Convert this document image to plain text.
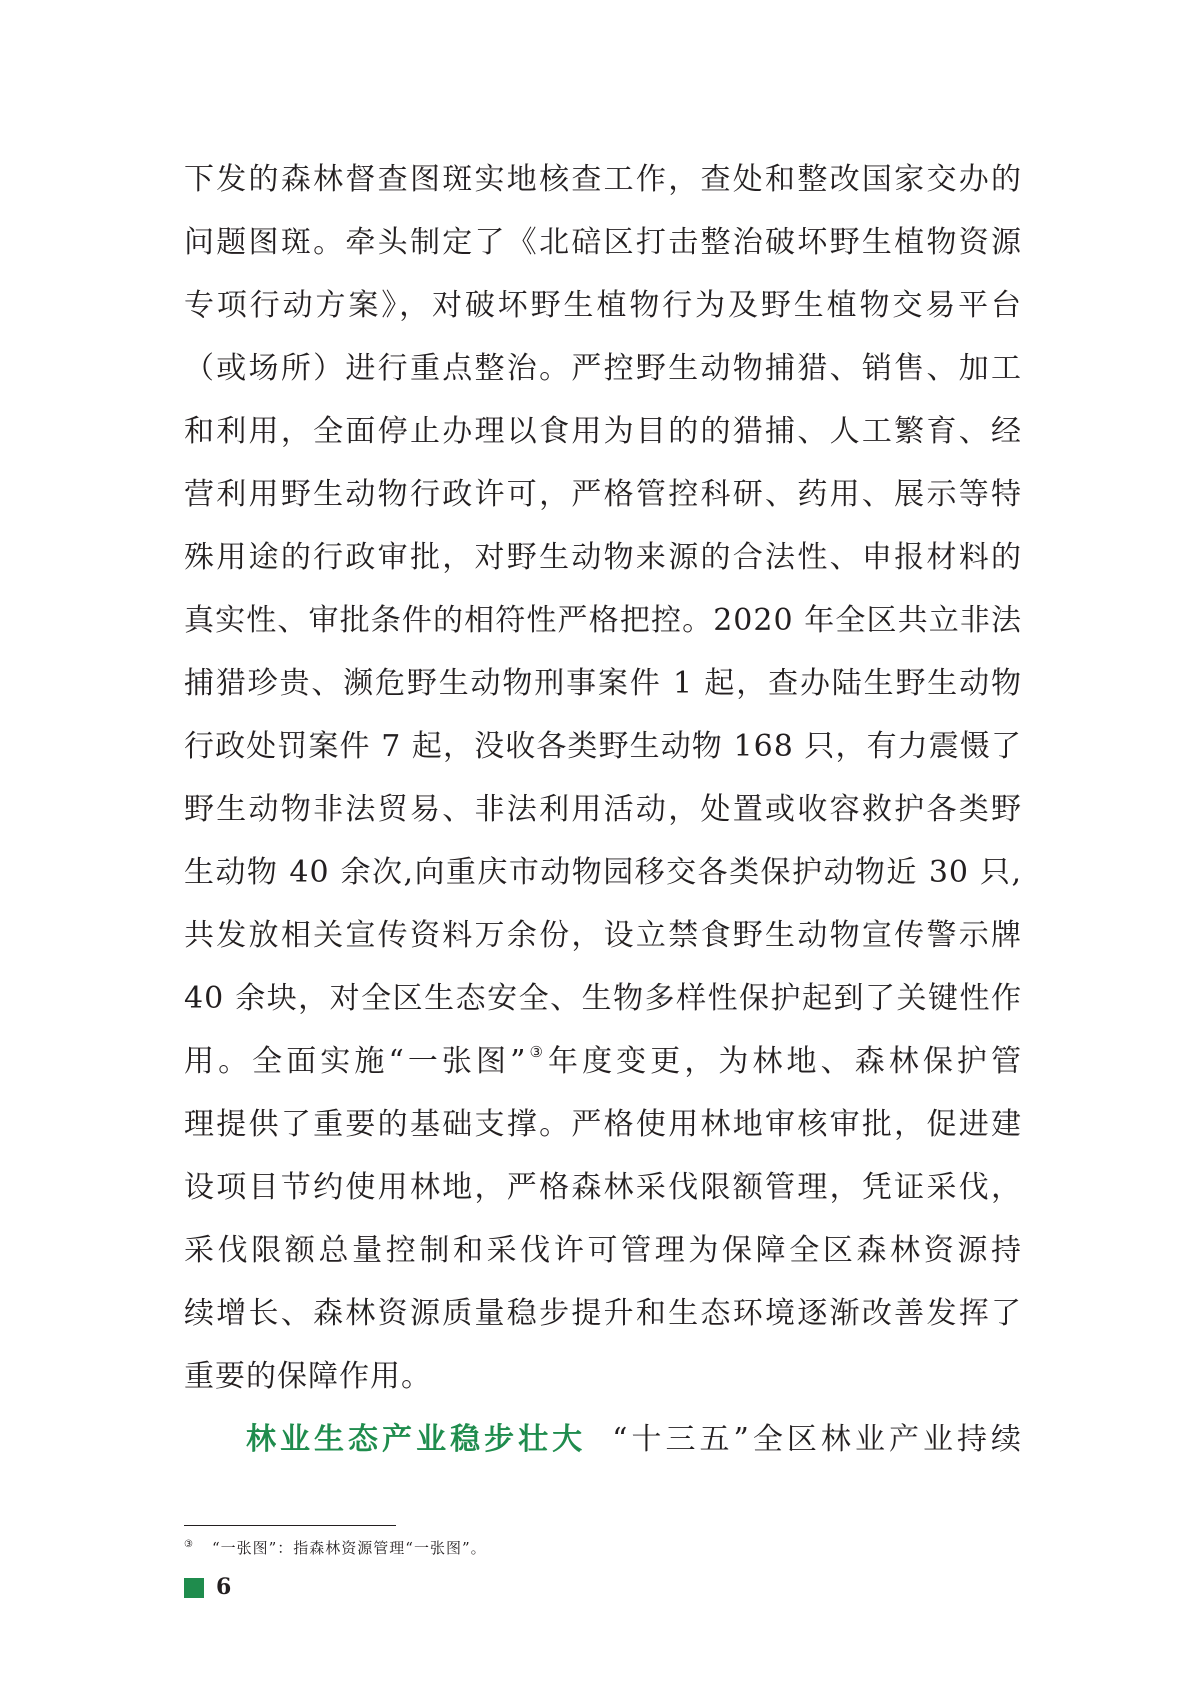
下发的森林督查图斑实地核查工作，查处和整改国家交办的
问题图斑。牵头制定了《北碚区打击整治破坏野生植物资源
专项行动方案》，对破坏野生植物行为及野生植物交易平台
（或场所）进行重点整治。严控野生动物捕猎、销售、加工
和利用，全面停止办理以食用为目的的猎捕、人工繁育、经
营利用野生动物行政许可，严格管控科研、药用、展示等特
殊用途的行政审批，对野生动物来源的合法性、申报材料的
真实性、审批条件的相符性严格把控。2020 年全区共立非法
捕猎珍贵、濒危野生动物刑事案件 1 起，查办陆生野生动物
行政处罚案件 7 起，没收各类野生动物 168 只，有力震慑了
野生动物非法贸易、非法利用活动，处置或收容救护各类野
生动物 40 余次,向重庆市动物园移交各类保护动物近 30 只,
共发放相关宣传资料万余份，设立禁食野生动物宣传警示牌
40 余块，对全区生态安全、生物多样性保护起到了关键性作
用。全面实施“一张图”③年度变更，为林地、森林保护管
理提供了重要的基础支撑。严格使用林地审核审批，促进建
设项目节约使用林地，严格森林采伐限额管理，凭证采伐，
采伐限额总量控制和采伐许可管理为保障全区森林资源持
续增长、森林资源质量稳步提升和生态环境逐渐改善发挥了
重要的保障作用。
林业生态产业稳步壮大 “十三五”全区林业产业持续
③ “一张图”：指森林资源管理“一张图”。
6
